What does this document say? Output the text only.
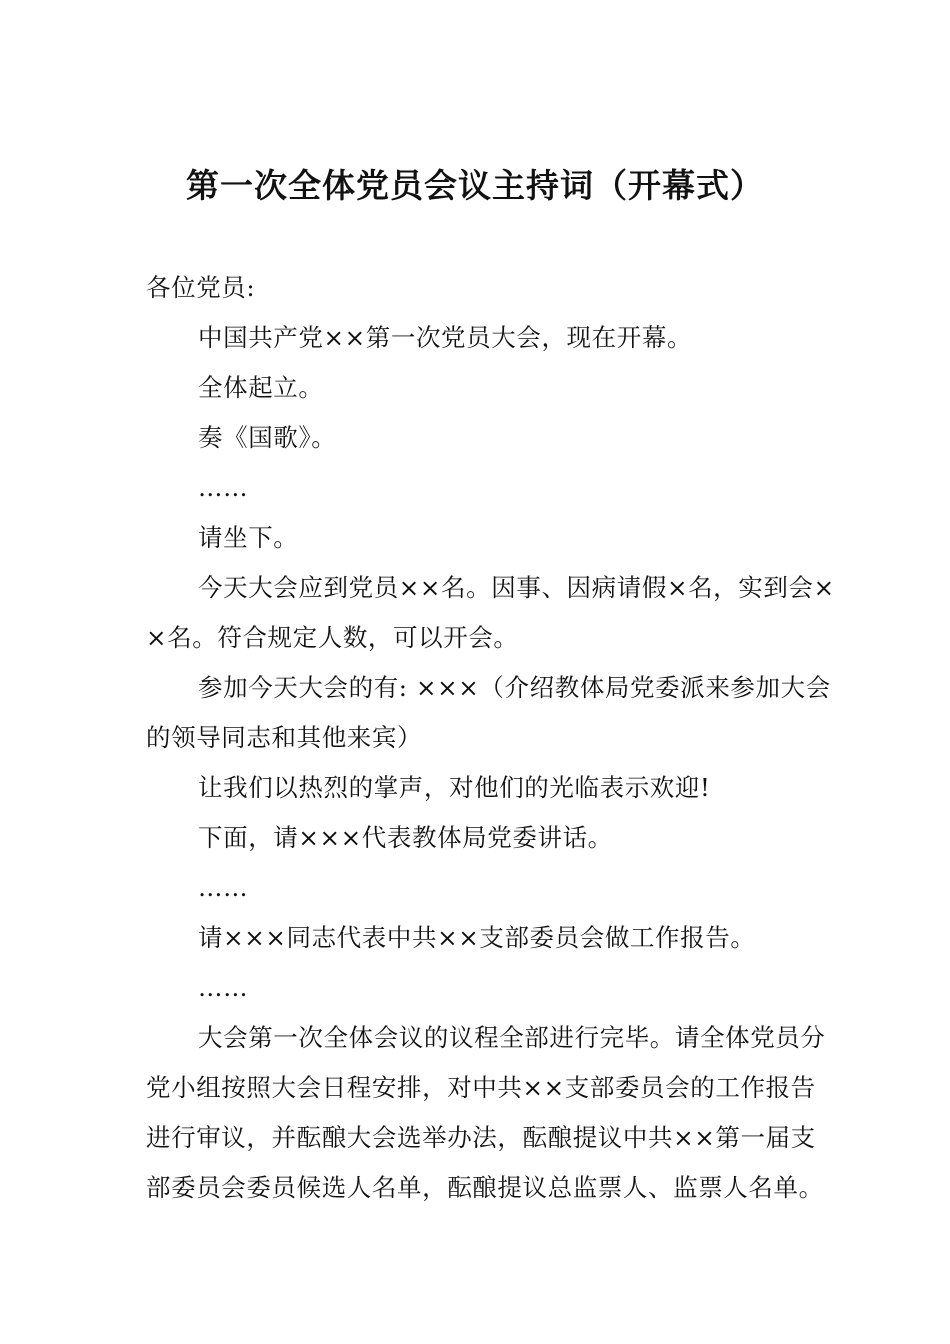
第一次全体党员会议主持词（开幕式）

各位党员:

中国共产党××第一次党员大会，现在开幕。

全体起立。

奏《国歌》。

……

请坐下。

今天大会应到党员××名。因事、因病请假×名，实到会××名。符合规定人数，可以开会。

参加今天大会的有: ×××（介绍教体局党委派来参加大会的领导同志和其他来宾）

让我们以热烈的掌声，对他们的光临表示欢迎!

下面，请×××代表教体局党委讲话。

……

请×××同志代表中共××支部委员会做工作报告。

……

大会第一次全体会议的议程全部进行完毕。请全体党员分党小组按照大会日程安排，对中共××支部委员会的工作报告进行审议，并酝酿大会选举办法，酝酿提议中共××第一届支部委员会委员候选人名单，酝酿提议总监票人、监票人名单。
